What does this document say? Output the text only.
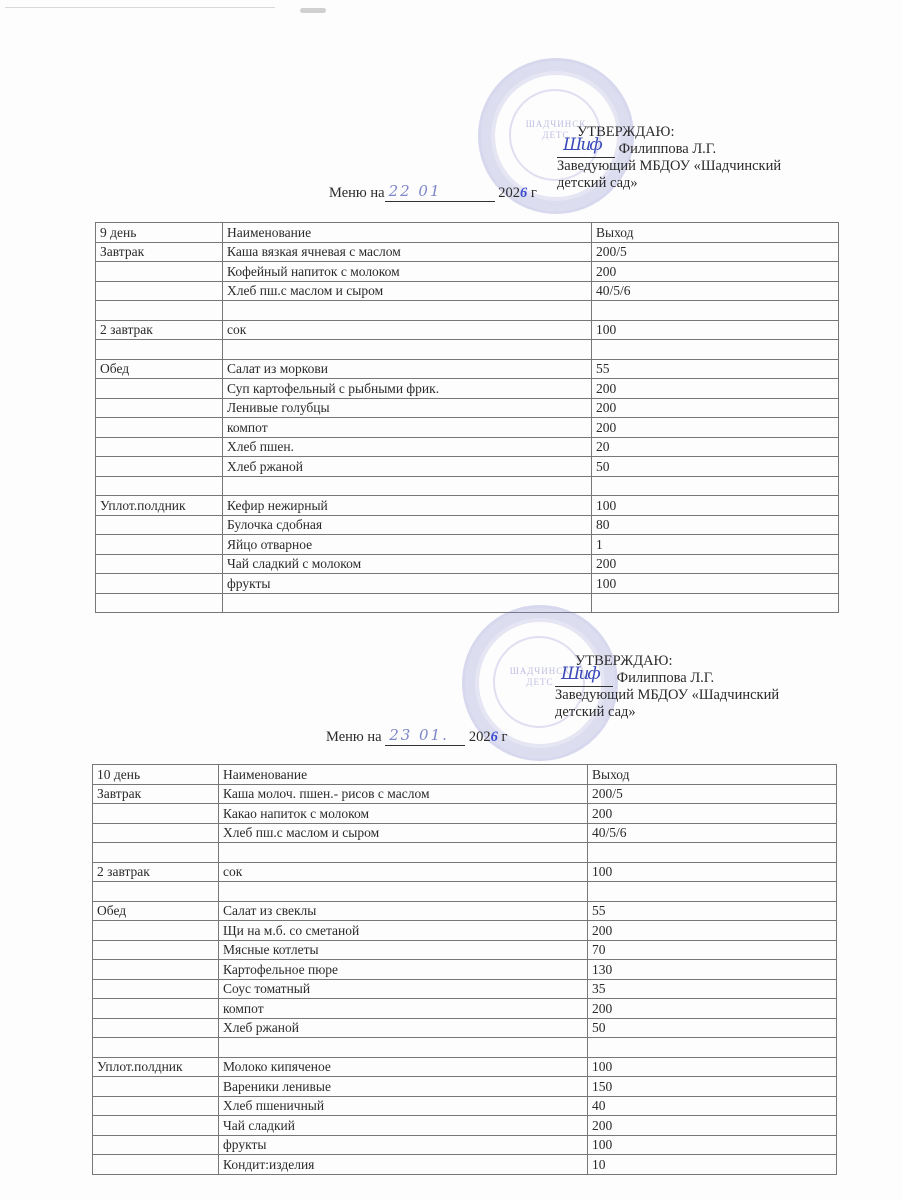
ШАДЧИНСК ДЕТС УТВЕРЖДАЮ:
Шиф Филиппова Л.Г.
Заведующий МБДОУ «Шадчинский
детский сад»
Меню на 22 01	2026 г
9 день	Наименование	Выход
Завтрак	Каша вязкая ячневая с маслом	200/5
	Кофейный напиток с молоком	200
	Хлеб пш.с маслом и сыром	40/5/6

2 завтрак	сок	100

Обед	Салат из моркови	55
	Суп картофельный с рыбными фрик.	200
	Ленивые голубцы	200
	компот	200
	Хлеб пшен.	20
	Хлеб ржаной	50

Уплот.полдник	Кефир нежирный	100
	Булочка сдобная	80
	Яйцо отварное	1
	Чай сладкий с молоком	200
	фрукты	100

ШАДЧИНСК ДЕТС
УТВЕРЖДАЮ:
Шиф Филиппова Л.Г.
Заведующий МБДОУ «Шадчинский
детский сад»
Меню на 23 01. 2026 г
10 день	Наименование	Выход
Завтрак	Каша молоч. пшен.- рисов с маслом	200/5
	Какао напиток с молоком	200
	Хлеб пш.с маслом и сыром	40/5/6

2 завтрак	сок	100

Обед	Салат из свеклы	55
	Щи на м.б. со сметаной	200
	Мясные котлеты	70
	Картофельное пюре	130
	Соус томатный	35
	компот	200
	Хлеб ржаной	50

Уплот.полдник	Молоко кипяченое	100
	Вареники ленивые	150
	Хлеб пшеничный	40
	Чай сладкий	200
	фрукты	100
	Кондит:изделия	10
